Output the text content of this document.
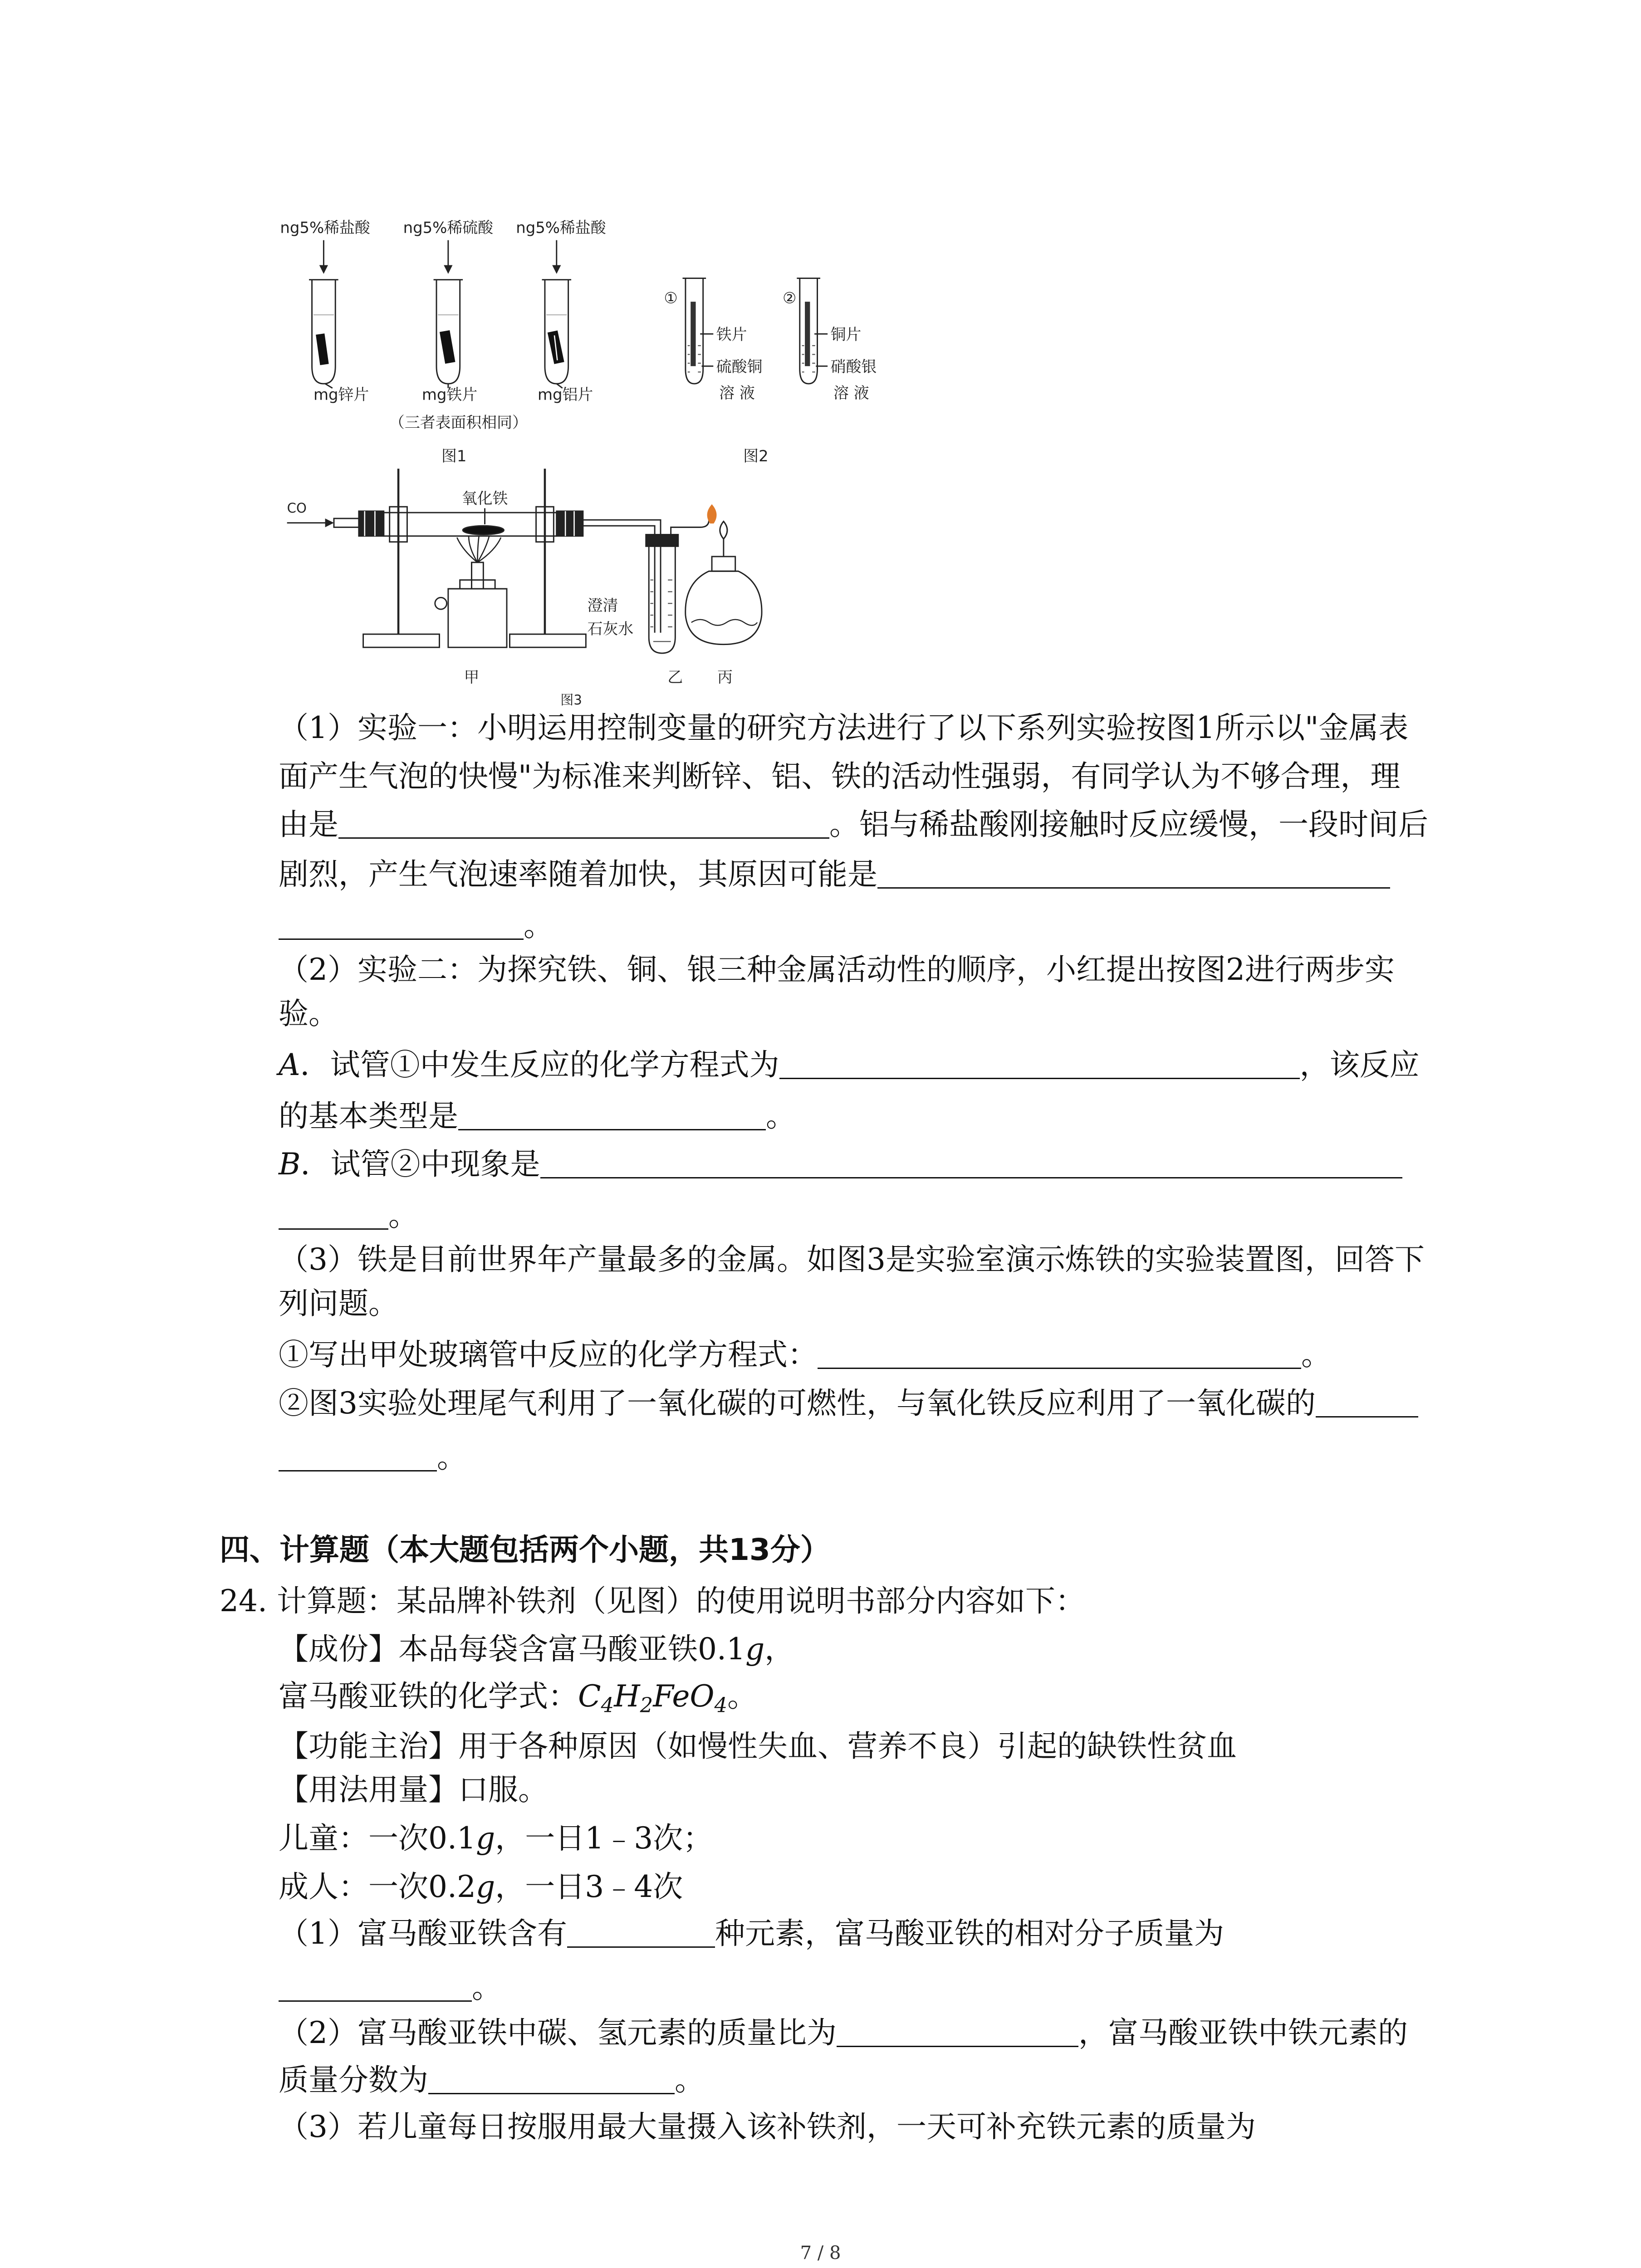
ng5%稀盐酸	ng5%稀硫酸	ng5%稀盐酸
mg锌片	mg铁片	mg铝片
（三者表面积相同）
图1
①	②
铁片
硫酸铜
溶 液
铜片
硝酸银
溶 液
图2
CO
氧化铁
澄清
石灰水
甲	乙	丙
图3
（1）实验一：小明运用控制变量的研究方法进行了以下系列实验按图1所示以"金属表
面产生气泡的快慢"为标准来判断锌、铝、铁的活动性强弱，有同学认为不够合理，理
由是	。铝与稀盐酸刚接触时反应缓慢，一段时间后
剧烈，产生气泡速率随着加快，其原因可能是
。
（2）实验二：为探究铁、铜、银三种金属活动性的顺序，小红提出按图2进行两步实
验。
A．试管①中发生反应的化学方程式为	，该反应
的基本类型是	。
B．试管②中现象是
。
（3）铁是目前世界年产量最多的金属。如图3是实验室演示炼铁的实验装置图，回答下
列问题。
①写出甲处玻璃管中反应的化学方程式：	。
②图3实验处理尾气利用了一氧化碳的可燃性，与氧化铁反应利用了一氧化碳的
。
四、计算题（本大题包括两个小题，共13分）
24. 计算题：某品牌补铁剂（见图）的使用说明书部分内容如下：
【成份】本品每袋含富马酸亚铁0.1g，
富马酸亚铁的化学式：$C_4H_2FeO_4$。
【功能主治】用于各种原因（如慢性失血、营养不良）引起的缺铁性贫血
【用法用量】口服。
儿童：一次0.1g，一日1﹣3次；
成人：一次0.2g，一日3﹣4次
（1）富马酸亚铁含有	种元素，富马酸亚铁的相对分子质量为
。
（2）富马酸亚铁中碳、氢元素的质量比为	，富马酸亚铁中铁元素的
质量分数为	。
（3）若儿童每日按服用最大量摄入该补铁剂，一天可补充铁元素的质量为
7 / 8
